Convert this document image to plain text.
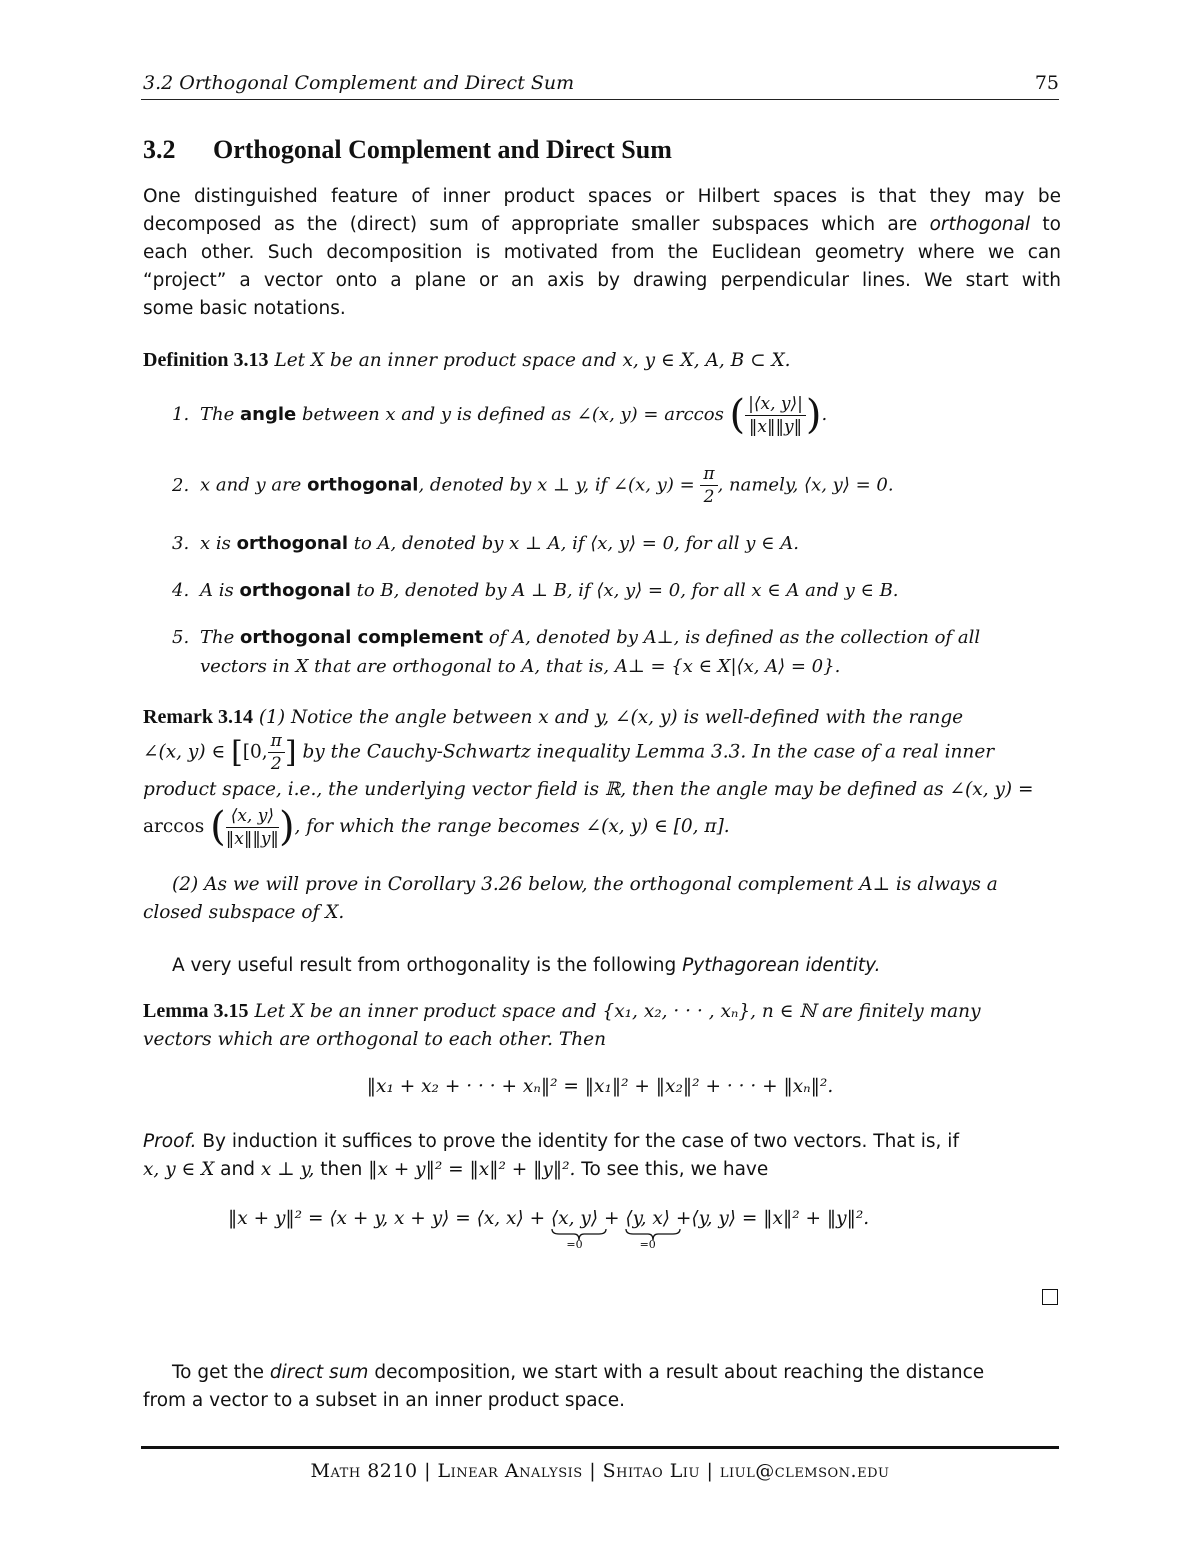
3.2 Orthogonal Complement and Direct Sum	75
3.2 Orthogonal Complement and Direct Sum
One distinguished feature of inner product spaces or Hilbert spaces is that they may be
decomposed as the (direct) sum of appropriate smaller subspaces which are orthogonal to
each other. Such decomposition is motivated from the Euclidean geometry where we can
“project” a vector onto a plane or an axis by drawing perpendicular lines. We start with
some basic notations.
Definition 3.13 Let X be an inner product space and x, y ∈ X, A, B ⊂ X.
1. The angle between x and y is defined as ∠(x, y) = arccos ( $\frac{|⟨x, y⟩|}{‖x‖‖y‖}$ ).
2. x and y are orthogonal, denoted by x ⊥ y, if ∠(x, $y) = \frac{\pi}{2}$ , namely, ⟨x, y⟩ = 0.
3. x is orthogonal to A, denoted by x ⊥ A, if ⟨x, y⟩ = 0, for all y ∈ A.
4. A is orthogonal to B, denoted by A ⊥ B, if ⟨x, y⟩ = 0, for all x ∈ A and y ∈ B.
5. The orthogonal complement of A, denoted by A⊥, is defined as the collection of all
vectors in X that are orthogonal to A, that is, A⊥ = {x ∈ X|⟨x, A⟩ = 0}.
Remark 3.14 (1) Notice the angle between x and y, ∠(x, y) is well-defined with the range
∠(x, y) ∈ [[0, $\frac{\pi}{2}$ ] by the Cauchy-Schwartz inequality Lemma 3.3. In the case of a real inner
product space, i.e., the underlying vector field is ℝ, then the angle may be defined as ∠(x, y) =
arccos ( $\frac{⟨x, y⟩}{‖x‖‖y‖}$ ), for which the range becomes ∠(x, y) ∈ [0, π].
(2) As we will prove in Corollary 3.26 below, the orthogonal complement A⊥ is always a
closed subspace of X.
A very useful result from orthogonality is the following Pythagorean identity.
Lemma 3.15 Let X be an inner product space and {x₁, x₂, · · · , xₙ}, n ∈ ℕ are finitely many
vectors which are orthogonal to each other. Then
‖x₁ + x₂ + · · · + xₙ‖² = ‖x₁‖² + ‖x₂‖² + · · · + ‖xₙ‖².
Proof. By induction it suffices to prove the identity for the case of two vectors. That is, if
x, y ∈ X and x ⊥ y, then ‖x + y‖² = ‖x‖² + ‖y‖². To see this, we have
‖x + y‖² = ⟨x + y, x + y⟩ = ⟨x, x⟩ + ⟨x, y⟩
=0
+ ⟨y, x⟩
=0
+⟨y, y⟩ = ‖x‖² + ‖y‖².
To get the direct sum decomposition, we start with a result about reaching the distance
from a vector to a subset in an inner product space.
Math 8210 | Linear Analysis | Shitao Liu | liul@clemson.edu
